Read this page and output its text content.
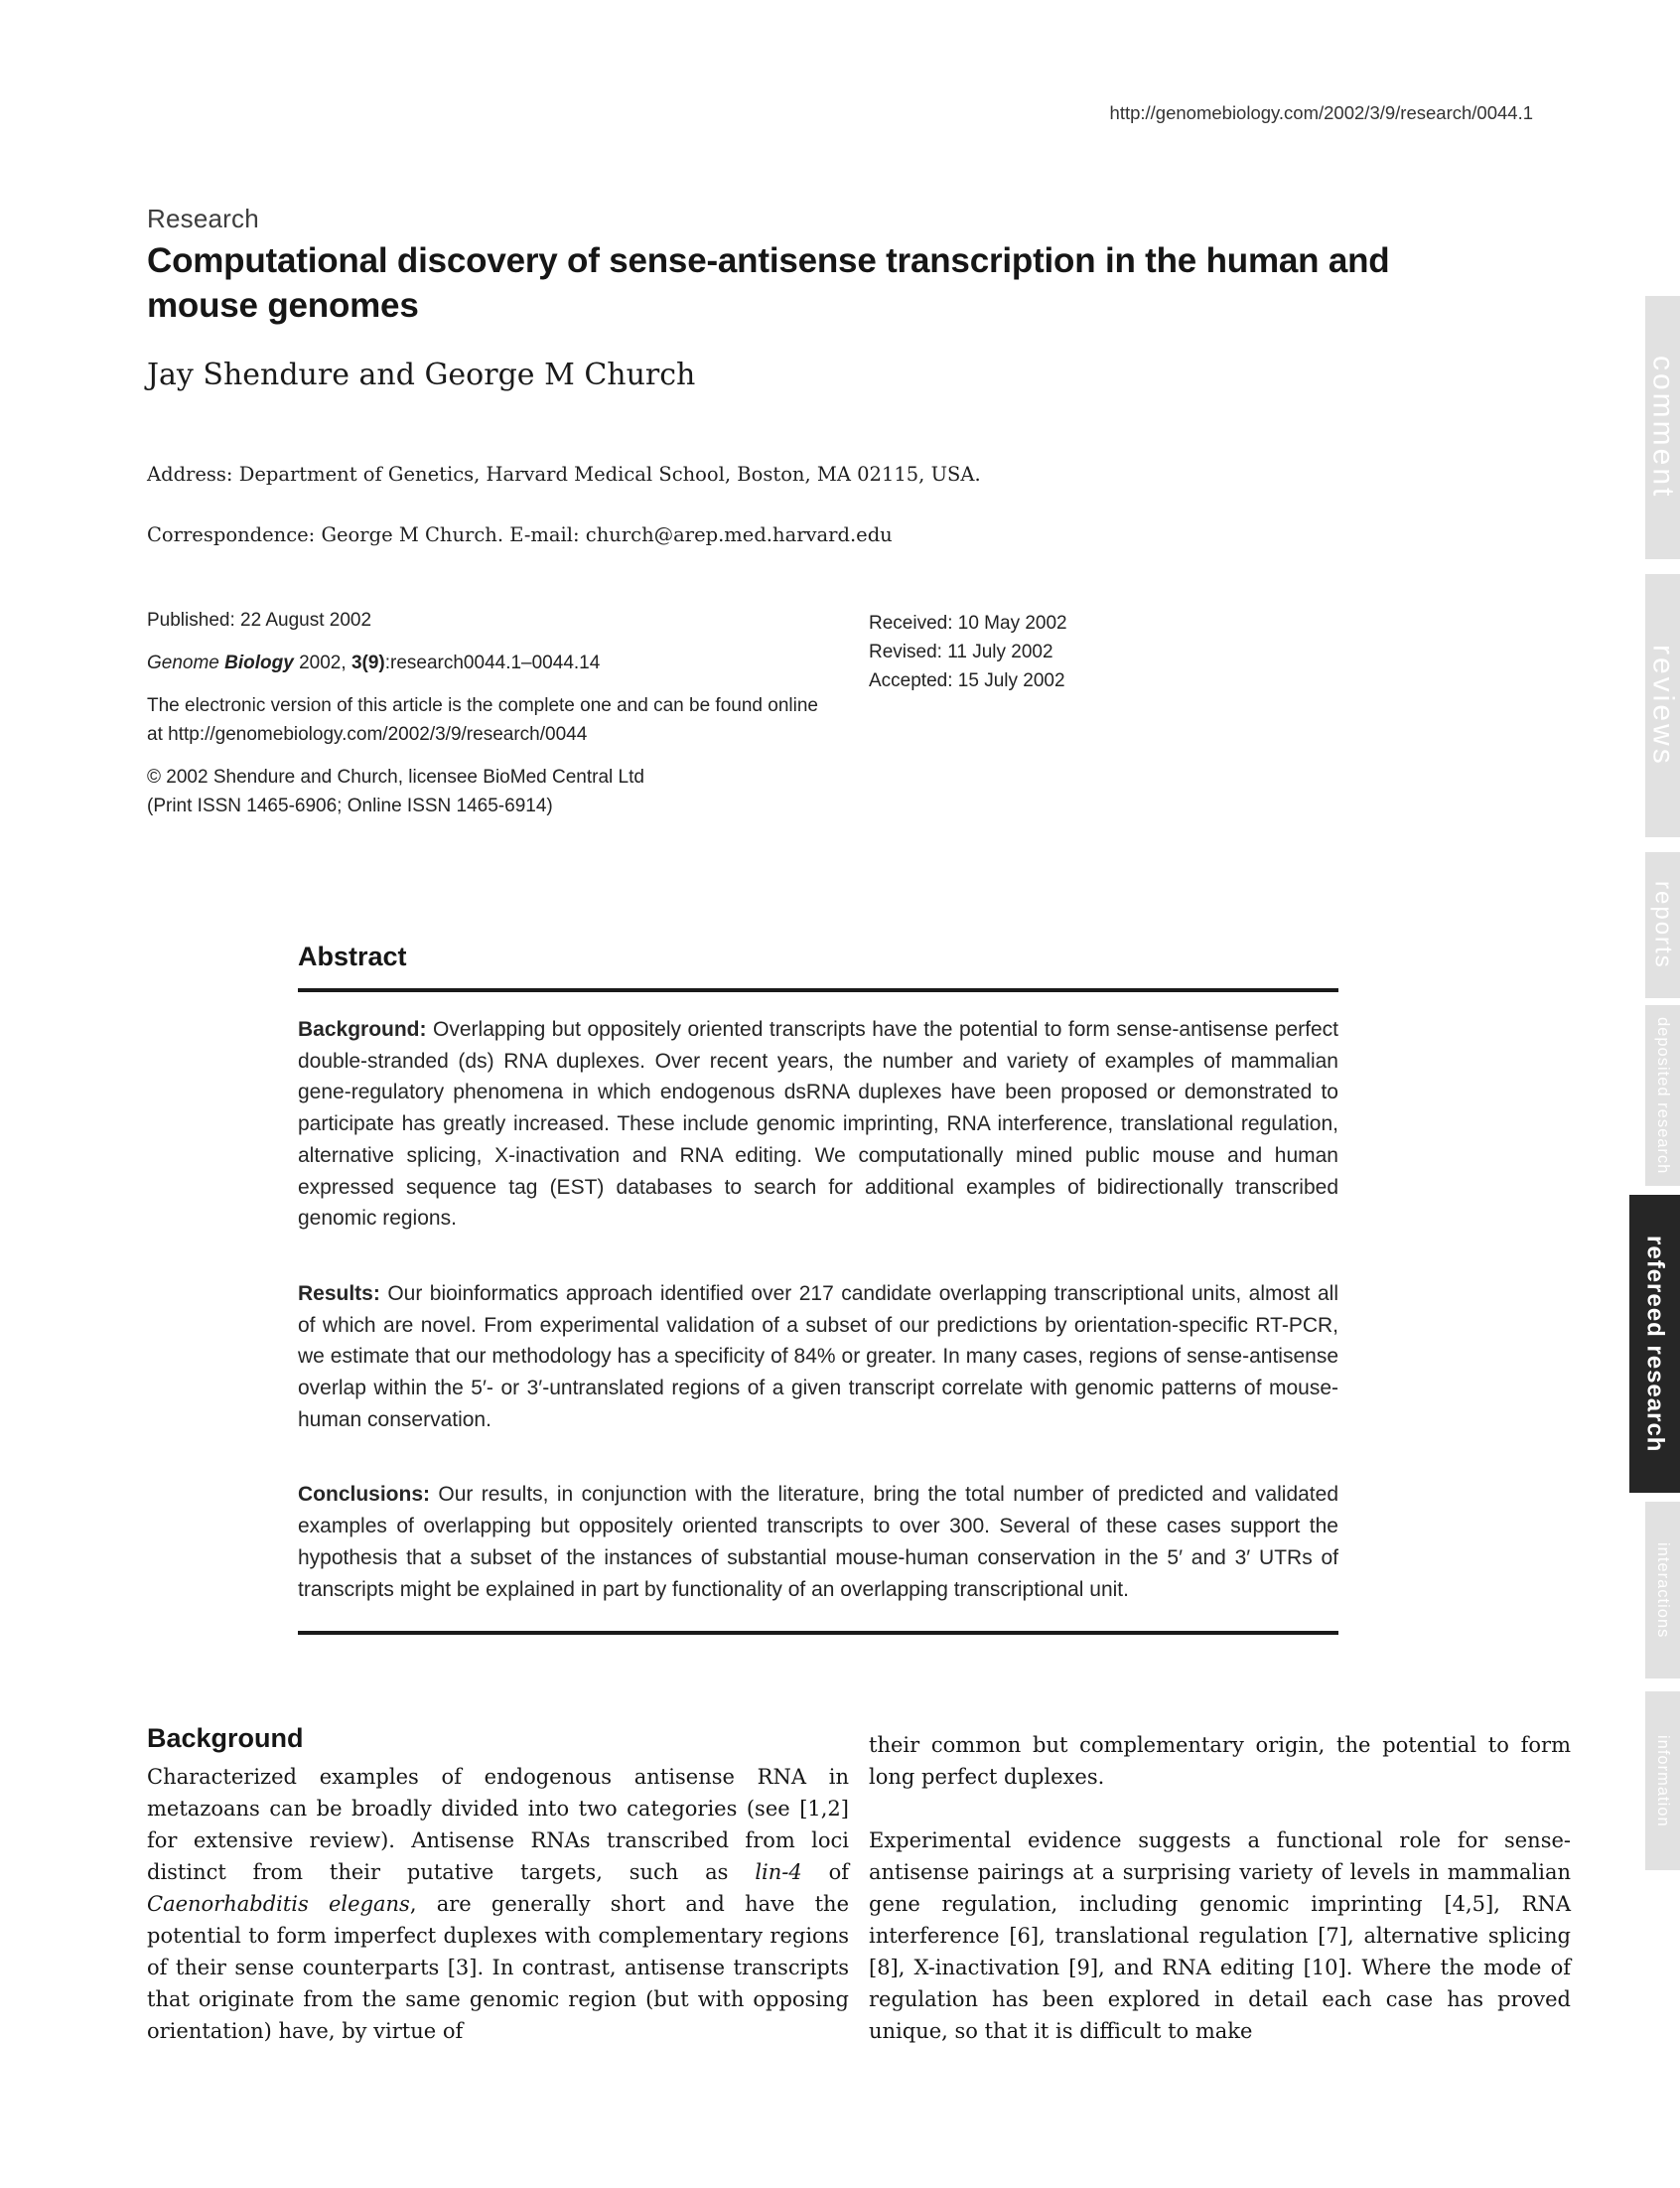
http://genomebiology.com/2002/3/9/research/0044.1
Research
Computational discovery of sense-antisense transcription in the human and mouse genomes
Jay Shendure and George M Church
Address: Department of Genetics, Harvard Medical School, Boston, MA 02115, USA.
Correspondence: George M Church. E-mail: church@arep.med.harvard.edu

Published: 22 August 2002

Genome Biology 2002, 3(9):research0044.1–0044.14

The electronic version of this article is the complete one and can be found online at http://genomebiology.com/2002/3/9/research/0044

© 2002 Shendure and Church, licensee BioMed Central Ltd

(Print ISSN 1465-6906; Online ISSN 1465-6914)

Received: 10 May 2002
Revised: 11 July 2002
Accepted: 15 July 2002
Abstract

Background: Overlapping but oppositely oriented transcripts have the potential to form sense-antisense perfect double-stranded (ds) RNA duplexes. Over recent years, the number and variety of examples of mammalian gene-regulatory phenomena in which endogenous dsRNA duplexes have been proposed or demonstrated to participate has greatly increased. These include genomic imprinting, RNA interference, translational regulation, alternative splicing, X-inactivation and RNA editing. We computationally mined public mouse and human expressed sequence tag (EST) databases to search for additional examples of bidirectionally transcribed genomic regions.

Results: Our bioinformatics approach identified over 217 candidate overlapping transcriptional units, almost all of which are novel. From experimental validation of a subset of our predictions by orientation-specific RT-PCR, we estimate that our methodology has a specificity of 84% or greater. In many cases, regions of sense-antisense overlap within the 5′- or 3′-untranslated regions of a given transcript correlate with genomic patterns of mouse-human conservation.

Conclusions: Our results, in conjunction with the literature, bring the total number of predicted and validated examples of overlapping but oppositely oriented transcripts to over 300. Several of these cases support the hypothesis that a subset of the instances of substantial mouse-human conservation in the 5′ and 3′ UTRs of transcripts might be explained in part by functionality of an overlapping transcriptional unit.

Background

Characterized examples of endogenous antisense RNA in metazoans can be broadly divided into two categories (see [1,2] for extensive review). Antisense RNAs transcribed from loci distinct from their putative targets, such as lin-4 of Caenorhabditis elegans, are generally short and have the potential to form imperfect duplexes with complementary regions of their sense counterparts [3]. In contrast, antisense transcripts that originate from the same genomic region (but with opposing orientation) have, by virtue of

their common but complementary origin, the potential to form long perfect duplexes.

Experimental evidence suggests a functional role for sense-antisense pairings at a surprising variety of levels in mammalian gene regulation, including genomic imprinting [4,5], RNA interference [6], translational regulation [7], alternative splicing [8], X-inactivation [9], and RNA editing [10]. Where the mode of regulation has been explored in detail each case has proved unique, so that it is difficult to make

comment
reviews
reports
deposited research
refereed research
interactions
information
